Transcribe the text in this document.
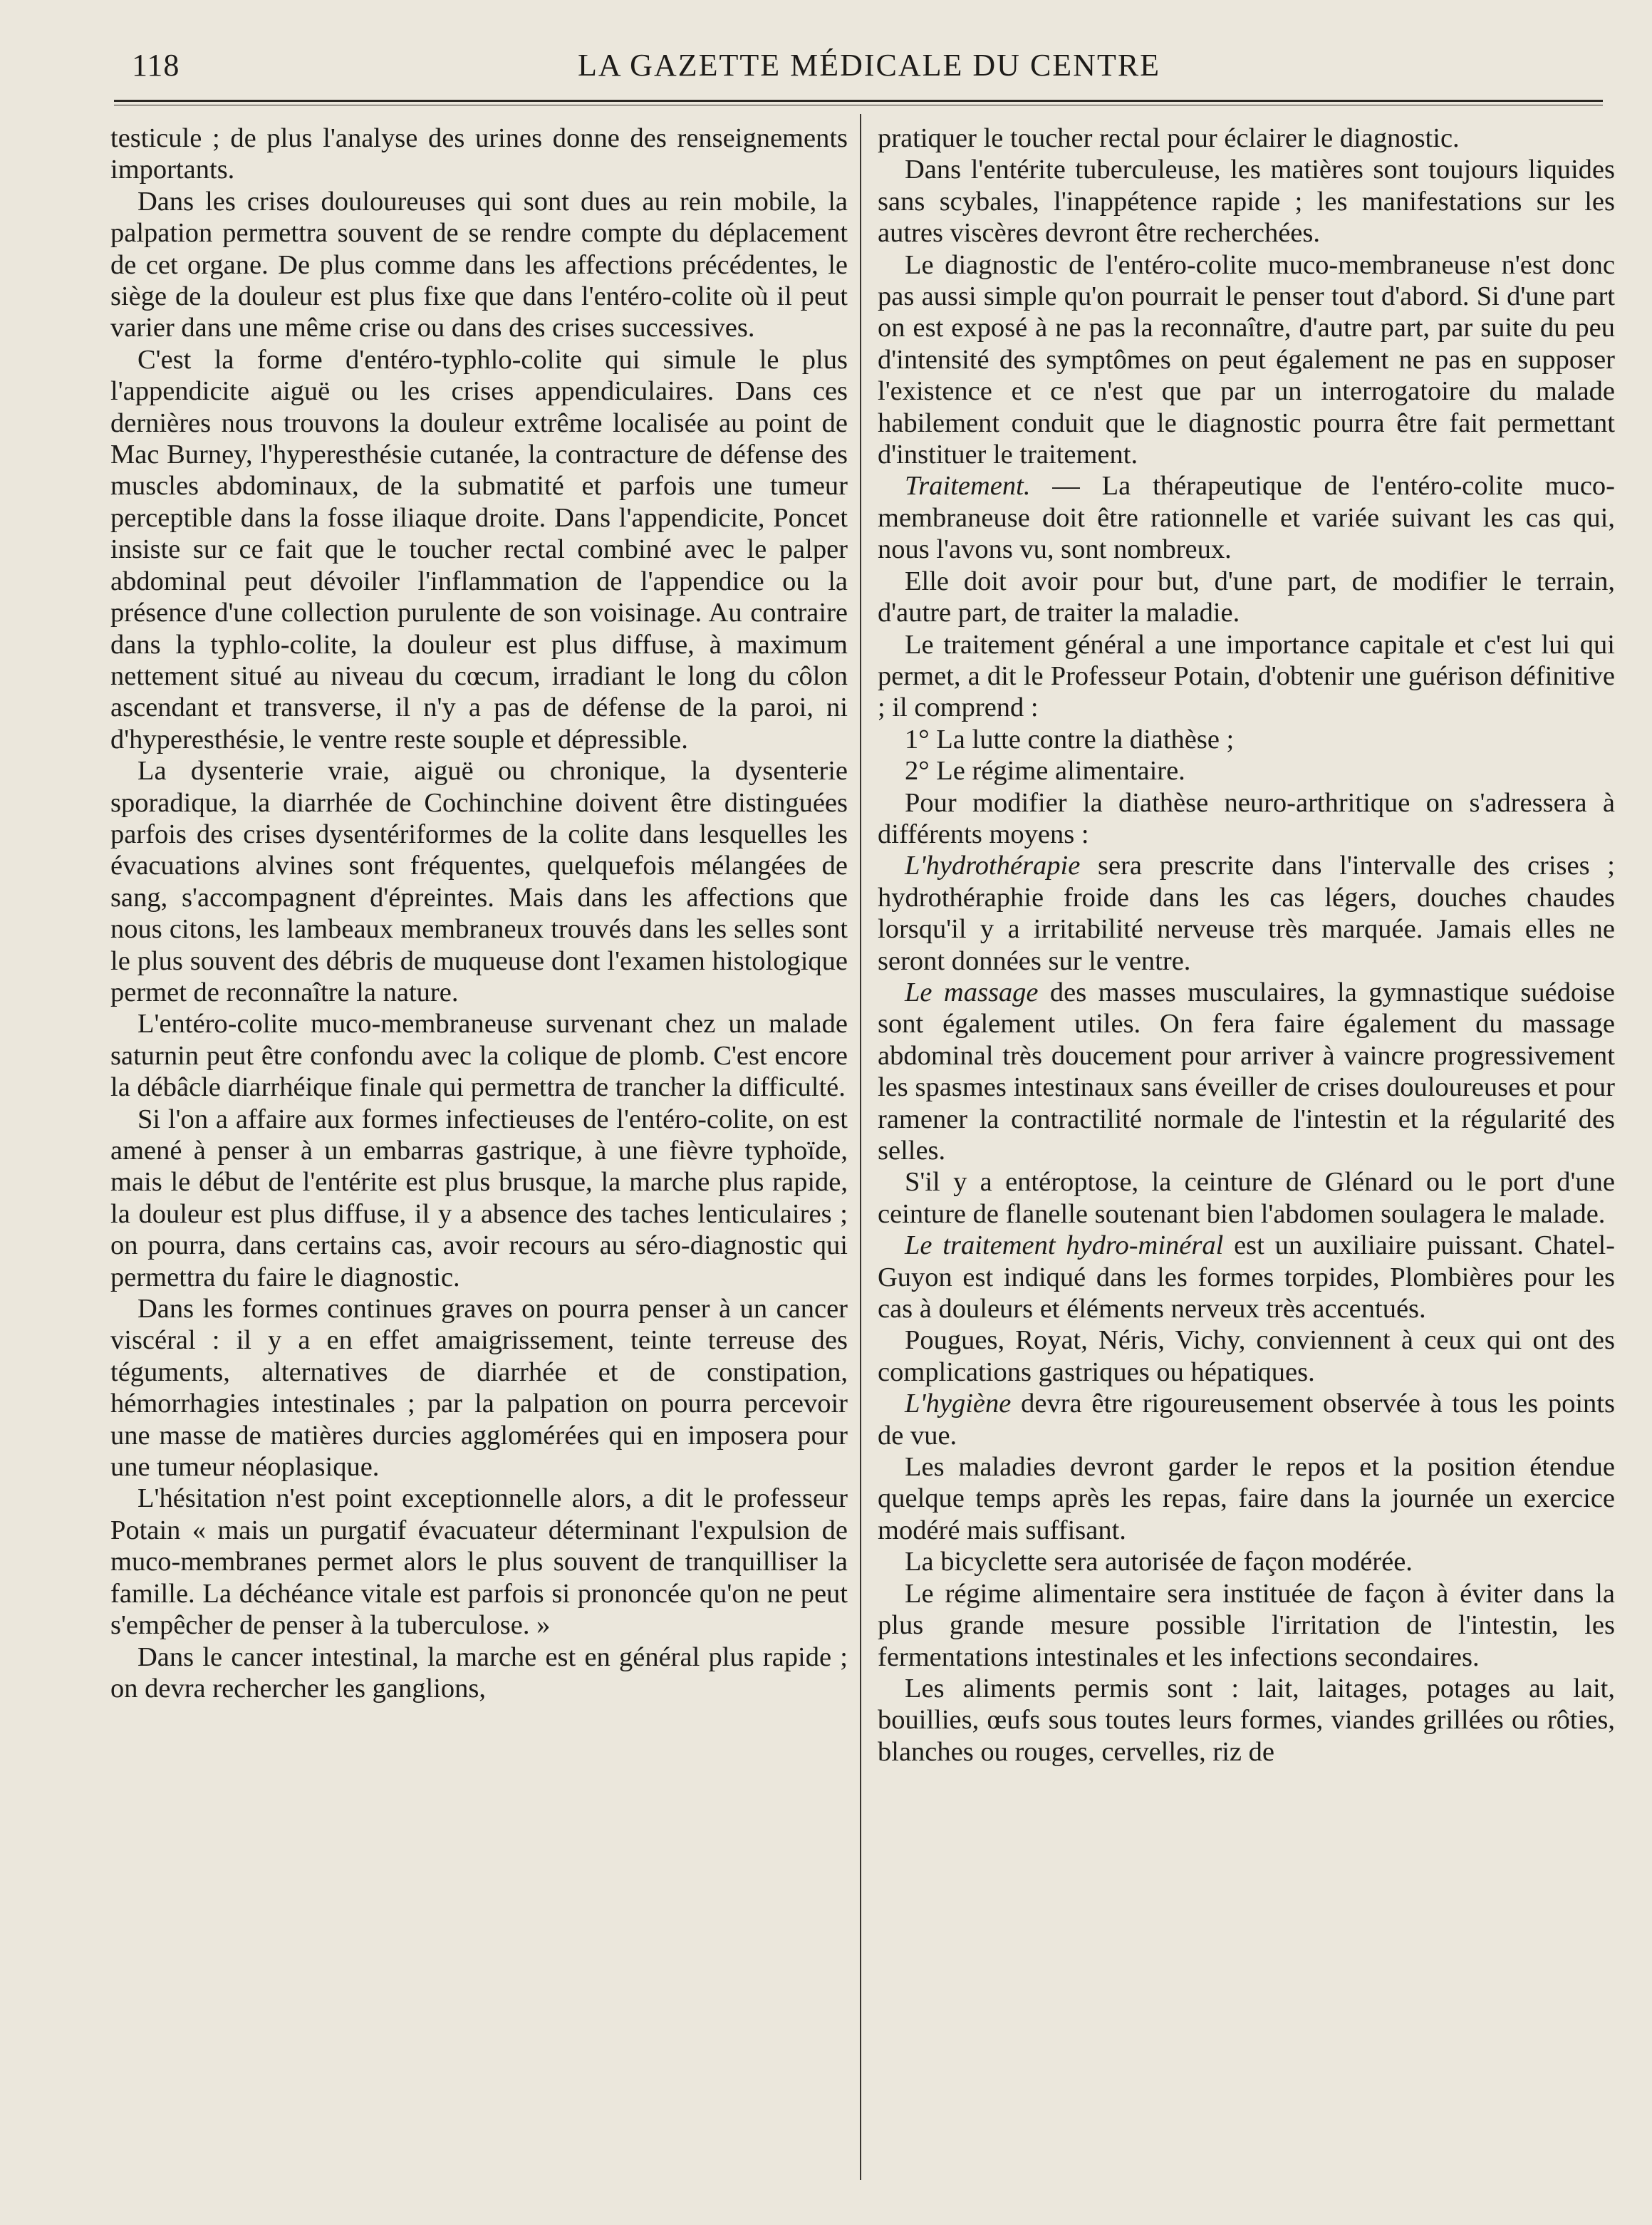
118	LA GAZETTE MÉDICALE DU CENTRE

testicule ; de plus l'analyse des urines donne des renseignements importants.

Dans les crises douloureuses qui sont dues au rein mobile, la palpation permettra souvent de se rendre compte du déplacement de cet organe. De plus comme dans les affections précédentes, le siège de la douleur est plus fixe que dans l'entéro-colite où il peut varier dans une même crise ou dans des crises successives.

C'est la forme d'entéro-typhlo-colite qui simule le plus l'appendicite aiguë ou les crises appendiculaires. Dans ces dernières nous trouvons la douleur extrême localisée au point de Mac Burney, l'hyperesthésie cutanée, la contracture de défense des muscles abdominaux, de la submatité et parfois une tumeur perceptible dans la fosse iliaque droite. Dans l'appendicite, Poncet insiste sur ce fait que le toucher rectal combiné avec le palper abdominal peut dévoiler l'inflammation de l'appendice ou la présence d'une collection purulente de son voisinage. Au contraire dans la typhlo-colite, la douleur est plus diffuse, à maximum nettement situé au niveau du cœcum, irradiant le long du côlon ascendant et transverse, il n'y a pas de défense de la paroi, ni d'hyperesthésie, le ventre reste souple et dépressible.

La dysenterie vraie, aiguë ou chronique, la dysenterie sporadique, la diarrhée de Cochinchine doivent être distinguées parfois des crises dysentériformes de la colite dans lesquelles les évacuations alvines sont fréquentes, quelquefois mélangées de sang, s'accompagnent d'épreintes. Mais dans les affections que nous citons, les lambeaux membraneux trouvés dans les selles sont le plus souvent des débris de muqueuse dont l'examen histologique permet de reconnaître la nature.

L'entéro-colite muco-membraneuse survenant chez un malade saturnin peut être confondu avec la colique de plomb. C'est encore la débâcle diarrhéique finale qui permettra de trancher la difficulté.

Si l'on a affaire aux formes infectieuses de l'entéro-colite, on est amené à penser à un embarras gastrique, à une fièvre typhoïde, mais le début de l'entérite est plus brusque, la marche plus rapide, la douleur est plus diffuse, il y a absence des taches lenticulaires ; on pourra, dans certains cas, avoir recours au séro-diagnostic qui permettra du faire le diagnostic.

Dans les formes continues graves on pourra penser à un cancer viscéral : il y a en effet amaigrissement, teinte terreuse des téguments, alternatives de diarrhée et de constipation, hémorrhagies intestinales ; par la palpation on pourra percevoir une masse de matières durcies agglomérées qui en imposera pour une tumeur néoplasique.

L'hésitation n'est point exceptionnelle alors, a dit le professeur Potain « mais un purgatif évacuateur déterminant l'expulsion de muco-membranes permet alors le plus souvent de tranquilliser la famille. La déchéance vitale est parfois si prononcée qu'on ne peut s'empêcher de penser à la tuberculose. »

Dans le cancer intestinal, la marche est en général plus rapide ; on devra rechercher les ganglions,

pratiquer le toucher rectal pour éclairer le diagnostic.

Dans l'entérite tuberculeuse, les matières sont toujours liquides sans scybales, l'inappétence rapide ; les manifestations sur les autres viscères devront être recherchées.

Le diagnostic de l'entéro-colite muco-membraneuse n'est donc pas aussi simple qu'on pourrait le penser tout d'abord. Si d'une part on est exposé à ne pas la reconnaître, d'autre part, par suite du peu d'intensité des symptômes on peut également ne pas en supposer l'existence et ce n'est que par un interrogatoire du malade habilement conduit que le diagnostic pourra être fait permettant d'instituer le traitement.

Traitement. — La thérapeutique de l'entéro-colite muco-membraneuse doit être rationnelle et variée suivant les cas qui, nous l'avons vu, sont nombreux.

Elle doit avoir pour but, d'une part, de modifier le terrain, d'autre part, de traiter la maladie.

Le traitement général a une importance capitale et c'est lui qui permet, a dit le Professeur Potain, d'obtenir une guérison définitive ; il comprend :

1° La lutte contre la diathèse ;

2° Le régime alimentaire.

Pour modifier la diathèse neuro-arthritique on s'adressera à différents moyens :

L'hydrothérapie sera prescrite dans l'intervalle des crises ; hydrothéraphie froide dans les cas légers, douches chaudes lorsqu'il y a irritabilité nerveuse très marquée. Jamais elles ne seront données sur le ventre.

Le massage des masses musculaires, la gymnastique suédoise sont également utiles. On fera faire également du massage abdominal très doucement pour arriver à vaincre progressivement les spasmes intestinaux sans éveiller de crises douloureuses et pour ramener la contractilité normale de l'intestin et la régularité des selles.

S'il y a entéroptose, la ceinture de Glénard ou le port d'une ceinture de flanelle soutenant bien l'abdomen soulagera le malade.

Le traitement hydro-minéral est un auxiliaire puissant. Chatel-Guyon est indiqué dans les formes torpides, Plombières pour les cas à douleurs et éléments nerveux très accentués.

Pougues, Royat, Néris, Vichy, conviennent à ceux qui ont des complications gastriques ou hépatiques.

L'hygiène devra être rigoureusement observée à tous les points de vue.

Les maladies devront garder le repos et la position étendue quelque temps après les repas, faire dans la journée un exercice modéré mais suffisant.

La bicyclette sera autorisée de façon modérée.

Le régime alimentaire sera instituée de façon à éviter dans la plus grande mesure possible l'irritation de l'intestin, les fermentations intestinales et les infections secondaires.

Les aliments permis sont : lait, laitages, potages au lait, bouillies, œufs sous toutes leurs formes, viandes grillées ou rôties, blanches ou rouges, cervelles, riz de
